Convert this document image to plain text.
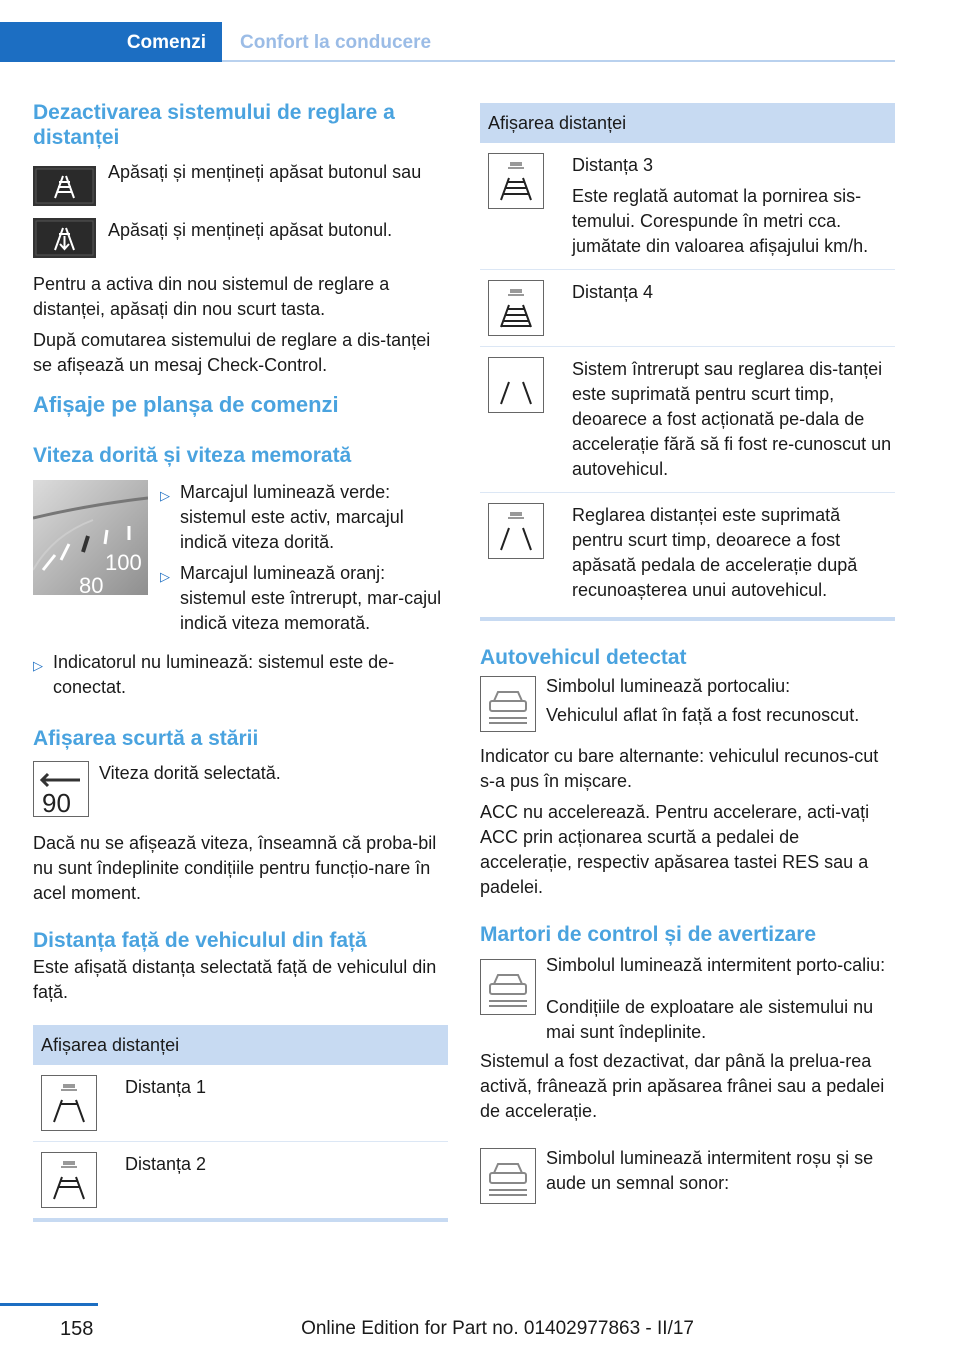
Comenzi Confort la conducere
Dezactivarea sistemului de reglare a distanței

Apăsați și mențineți apăsat butonul sau

Apăsați și mențineți apăsat butonul.

Pentru a activa din nou sistemul de reglare a distanței, apăsați din nou scurt tasta.

După comutarea sistemului de reglare a dis-tanței se afișează un mesaj Check-Control.

Afișaje pe planșa de comenzi
Viteza dorită și viteza memorată
100
80
▷ Marcajul luminează verde: sistemul este activ, marcajul indică viteza dorită.
▷ Marcajul luminează oranj: sistemul este întrerupt, mar-cajul indică viteza memorată.
▷ Indicatorul nu luminează: sistemul este de-conectat.
Afișarea scurtă a stării
90

Viteza dorită selectată.

Dacă nu se afișează viteza, înseamnă că proba-bil nu sunt îndeplinite condițiile pentru funcțio-nare în acel moment.

Distanța față de vehiculul din față

Este afișată distanța selectată față de vehiculul din față.

Afișarea distanței
Distanța 1
Distanța 2
Afișarea distanței
Distanța 3
Este reglată automat la pornirea sis-temului. Corespunde în metri cca. jumătate din valoarea afișajului km/h.
Distanța 4
Sistem întrerupt sau reglarea dis-tanței este suprimată pentru scurt timp, deoarece a fost acționată pe-dala de accelerație fără să fi fost re-cunoscut un autovehicul.
Reglarea distanței este suprimată pentru scurt timp, deoarece a fost apăsată pedala de accelerație după recunoașterea unui autovehicul.
Autovehicul detectat

Simbolul luminează portocaliu:

Vehiculul aflat în față a fost recunoscut.

Indicator cu bare alternante: vehiculul recunos-cut s-a pus în mișcare.

ACC nu accelerează. Pentru accelerare, acti-vați ACC prin acționarea scurtă a pedalei de accelerație, respectiv apăsarea tastei RES sau a padelei.

Martori de control și de avertizare

Simbolul luminează intermitent porto-caliu:

Condițiile de exploatare ale sistemului nu mai sunt îndeplinite.

Sistemul a fost dezactivat, dar până la prelua-rea activă, frânează prin apăsarea frânei sau a pedalei de accelerație.

Simbolul luminează intermitent roșu și se aude un semnal sonor:

158	Online Edition for Part no. 01402977863 - II/17
